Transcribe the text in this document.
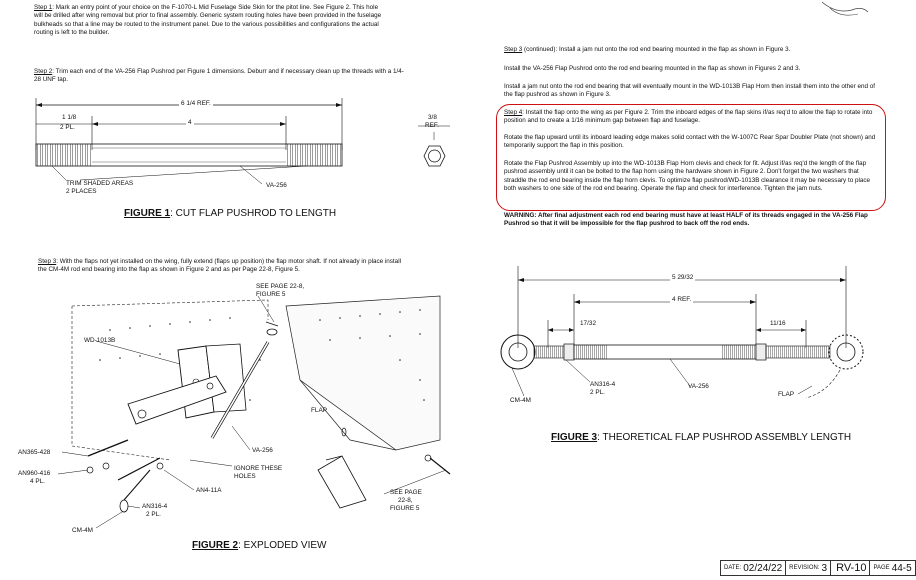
Step 1: Mark an entry point of your choice on the F-1070-L Mid Fuselage Side Skin for the pitot line. See Figure 2. This hole will be drilled after wing removal but prior to final assembly. Generic system routing holes have been provided in the fuselage bulkheads so that a line may be routed to the instrument panel. Due to the various possibilities and configurations the actual routing is left to the builder.

Step 2: Trim each end of the VA-256 Flap Pushrod per Figure 1 dimensions. Deburr and if necessary clean up the threads with a 1/4-28 UNF tap.

6 1/4 REF.
1 1/8
2 PL.
4
3/8
REF.
TRIM SHADED AREAS
2 PLACES
VA-256
FIGURE 1: CUT FLAP PUSHROD TO LENGTH

Step 3: With the flaps not yet installed on the wing, fully extend (flaps up position) the flap motor shaft. If not already in place install the CM-4M rod end bearing into the flap as shown in Figure 2 and as per Page 22-8, Figure 5.

SEE PAGE 22-8,
FIGURE 5
WD-1013B
FLAP
AN365-428
AN960-416
4 PL.
VA-256
IGNORE THESE
HOLES
AN4-11A
AN316-4
2 PL.
CM-4M
SEE PAGE
22-8,
FIGURE 5
FIGURE 2: EXPLODED VIEW

Step 3 (continued): Install a jam nut onto the rod end bearing mounted in the flap as shown in Figure 3.

Install the VA-256 Flap Pushrod onto the rod end bearing mounted in the flap as shown in Figures 2 and 3.

Install a jam nut onto the rod end bearing that will eventually mount in the WD-1013B Flap Horn then install them into the other end of the flap pushrod as shown in Figure 3.

Step 4: Install the flap onto the wing as per Figure 2. Trim the inboard edges of the flap skins if/as req'd to allow the flap to rotate into position and to create a 1/16 minimum gap between flap and fuselage.

Rotate the flap upward until its inboard leading edge makes solid contact with the W-1007C Rear Spar Doubler Plate (not shown) and temporarily support the flap in this position.

Rotate the Flap Pushrod Assembly up into the WD-1013B Flap Horn clevis and check for fit. Adjust if/as req'd the length of the flap pushrod assembly until it can be bolted to the flap horn using the hardware shown in Figure 2. Don't forget the two washers that straddle the rod end bearing inside the flap horn clevis. To optimize flap pushrod/WD-1013B clearance it may be necessary to place both washers to one side of the rod end bearing. Operate the flap and check for interference. Tighten the jam nuts.

WARNING: After final adjustment each rod end bearing must have at least HALF of its threads engaged in the VA-256 Flap Pushrod so that it will be impossible for the flap pushrod to back off the rod ends.

5 29/32
4 REF.
17/32	11/16
AN316-4
2 PL.
VA-256
CM-4M
FLAP
FIGURE 3: THEORETICAL FLAP PUSHROD ASSEMBLY LENGTH
DATE: 02/24/22 REVISION: 3 RV-10 PAGE 44-5
